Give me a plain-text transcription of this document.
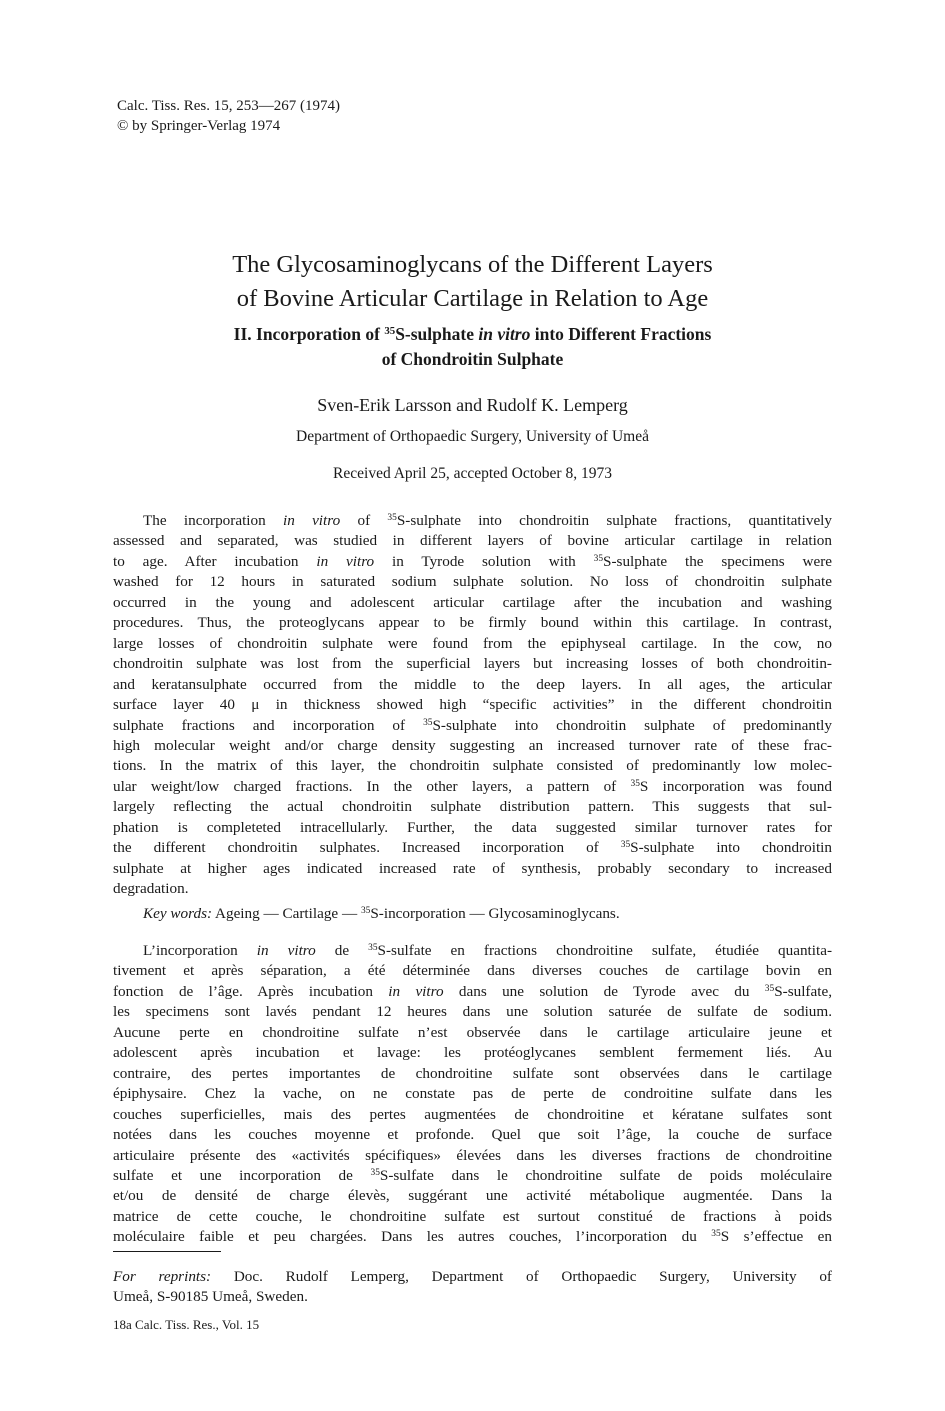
Calc. Tiss. Res. 15, 253—267 (1974)
© by Springer-Verlag 1974
The Glycosaminoglycans of the Different Layers
of Bovine Articular Cartilage in Relation to Age
II. Incorporation of $^{35}$S-sulphate in vitro into Different Fractions
of Chondroitin Sulphate
Sven-Erik Larsson and Rudolf K. Lemperg
Department of Orthopaedic Surgery, University of Umeå
Received April 25, accepted October 8, 1973
The incorporation in vitro of $^{35}$S-sulphate into chondroitin sulphate fractions, quantitatively
assessed and separated, was studied in different layers of bovine articular cartilage in relation
to age. After incubation in vitro in Tyrode solution with $^{35}$S-sulphate the specimens were
washed for 12 hours in saturated sodium sulphate solution. No loss of chondroitin sulphate
occurred in the young and adolescent articular cartilage after the incubation and washing
procedures. Thus, the proteoglycans appear to be firmly bound within this cartilage. In contrast,
large losses of chondroitin sulphate were found from the epiphyseal cartilage. In the cow, no
chondroitin sulphate was lost from the superficial layers but increasing losses of both chondroitin-
and keratansulphate occurred from the middle to the deep layers. In all ages, the articular
surface layer 40 μ in thickness showed high “specific activities” in the different chondroitin
sulphate fractions and incorporation of $^{35}$S-sulphate into chondroitin sulphate of predominantly
high molecular weight and/or charge density suggesting an increased turnover rate of these frac-
tions. In the matrix of this layer, the chondroitin sulphate consisted of predominantly low molec-
ular weight/low charged fractions. In the other layers, a pattern of $^{35}$S incorporation was found
largely reflecting the actual chondroitin sulphate distribution pattern. This suggests that sul-
phation is completeted intracellularly. Further, the data suggested similar turnover rates for
the different chondroitin sulphates. Increased incorporation of $^{35}$S-sulphate into chondroitin
sulphate at higher ages indicated increased rate of synthesis, probably secondary to increased
degradation.
Key words: Ageing — Cartilage — $^{35}$S-incorporation — Glycosaminoglycans.
L’incorporation in vitro de $^{35}$S-sulfate en fractions chondroitine sulfate, étudiée quantita-
tivement et après séparation, a été déterminée dans diverses couches de cartilage bovin en
fonction de l’âge. Après incubation in vitro dans une solution de Tyrode avec du $^{35}$S-sulfate,
les specimens sont lavés pendant 12 heures dans une solution saturée de sulfate de sodium.
Aucune perte en chondroitine sulfate n’est observée dans le cartilage articulaire jeune et
adolescent après incubation et lavage: les protéoglycanes semblent fermement liés. Au
contraire, des pertes importantes de chondroitine sulfate sont observées dans le cartilage
épiphysaire. Chez la vache, on ne constate pas de perte de condroitine sulfate dans les
couches superficielles, mais des pertes augmentées de chondroitine et kératane sulfates sont
notées dans les couches moyenne et profonde. Quel que soit l’âge, la couche de surface
articulaire présente des «activités spécifiques» élevées dans les diverses fractions de chondroitine
sulfate et une incorporation de $^{35}$S-sulfate dans le chondroitine sulfate de poids moléculaire
et/ou de densité de charge élevès, suggérant une activité métabolique augmentée. Dans la
matrice de cette couche, le chondroitine sulfate est surtout constitué de fractions à poids
moléculaire faible et peu chargées. Dans les autres couches, l’incorporation du $^{35}$S s’effectue en
For reprints: Doc. Rudolf Lemperg, Department of Orthopaedic Surgery, University of
Umeå, S-90185 Umeå, Sweden.
18a Calc. Tiss. Res., Vol. 15
